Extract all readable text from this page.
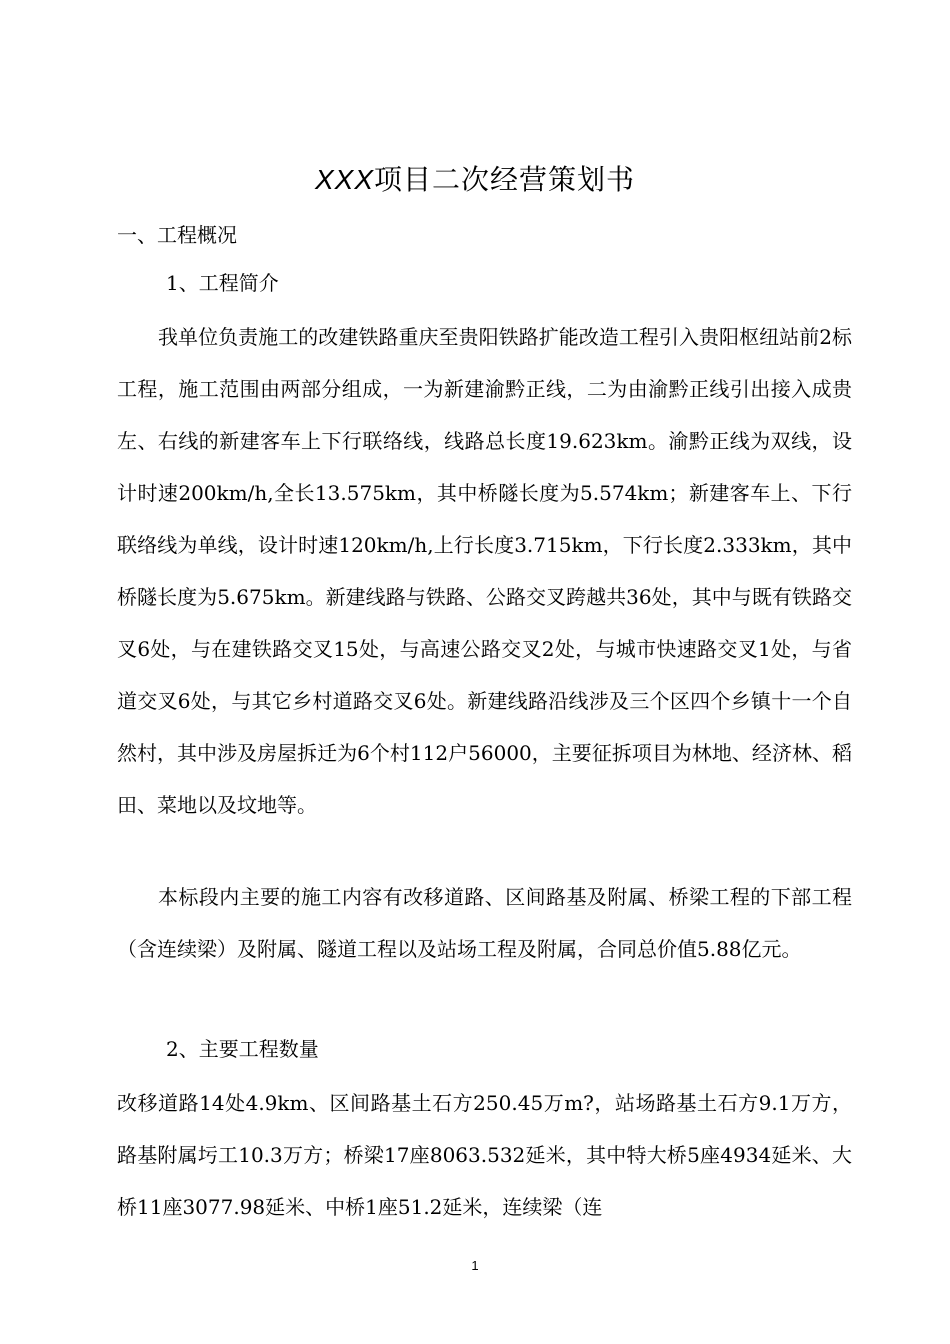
XXX项目二次经营策划书
一、工程概况
1、工程简介
我单位负责施工的改建铁路重庆至贵阳铁路扩能改造工程引入贵阳枢纽站前2标工程，施工范围由两部分组成，一为新建渝黔正线，二为由渝黔正线引出接入成贵左、右线的新建客车上下行联络线，线路总长度19.623km。渝黔正线为双线，设计时速200km/h,全长13.575km，其中桥隧长度为5.574km；新建客车上、下行联络线为单线，设计时速120km/h,上行长度3.715km，下行长度2.333km，其中桥隧长度为5.675km。新建线路与铁路、公路交叉跨越共36处，其中与既有铁路交叉6处，与在建铁路交叉15处，与高速公路交叉2处，与城市快速路交叉1处，与省道交叉6处，与其它乡村道路交叉6处。新建线路沿线涉及三个区四个乡镇十一个自然村，其中涉及房屋拆迁为6个村112户56000，主要征拆项目为林地、经济林、稻田、菜地以及坟地等。
本标段内主要的施工内容有改移道路、区间路基及附属、桥梁工程的下部工程（含连续梁）及附属、隧道工程以及站场工程及附属，合同总价值5.88亿元。
2、主要工程数量
改移道路14处4.9km、区间路基土石方250.45万m?，站场路基土石方9.1万方，路基附属圬工10.3万方；桥梁17座8063.532延米，其中特大桥5座4934延米、大桥11座3077.98延米、中桥1座51.2延米，连续梁（连
1
